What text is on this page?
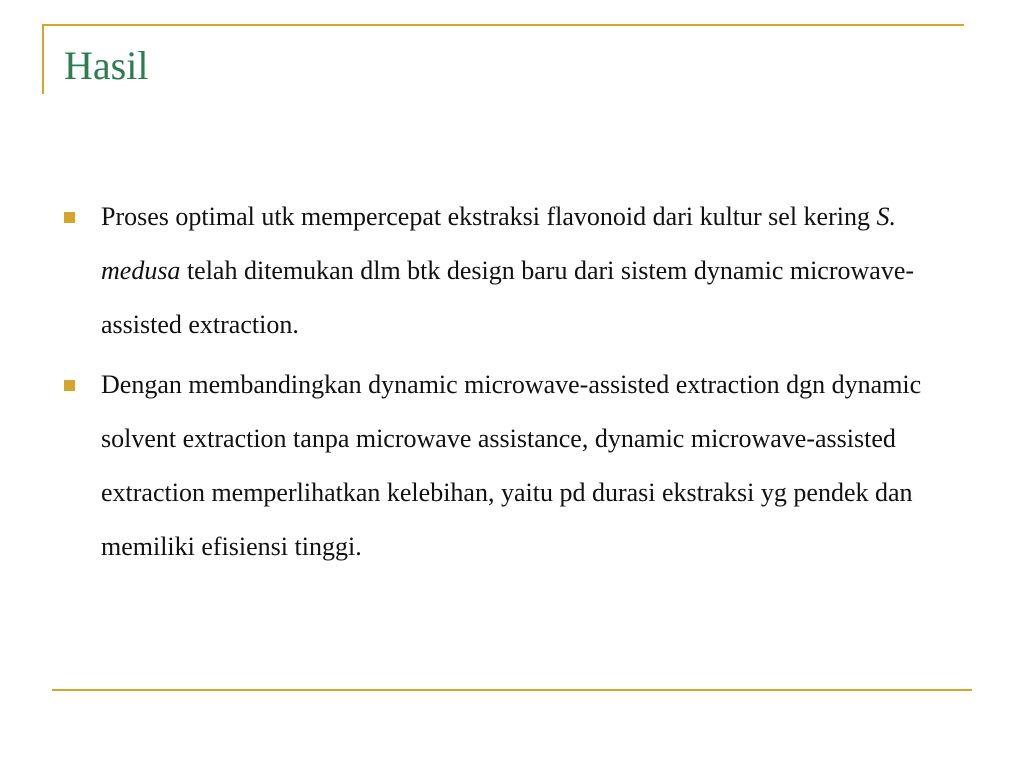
Hasil
Proses optimal utk mempercepat ekstraksi flavonoid dari kultur sel kering S. medusa telah ditemukan dlm btk design baru dari sistem dynamic microwave-assisted extraction.
Dengan membandingkan dynamic microwave-assisted extraction dgn dynamic solvent extraction tanpa microwave assistance, dynamic microwave-assisted extraction memperlihatkan kelebihan, yaitu pd durasi ekstraksi yg pendek dan memiliki efisiensi tinggi.
